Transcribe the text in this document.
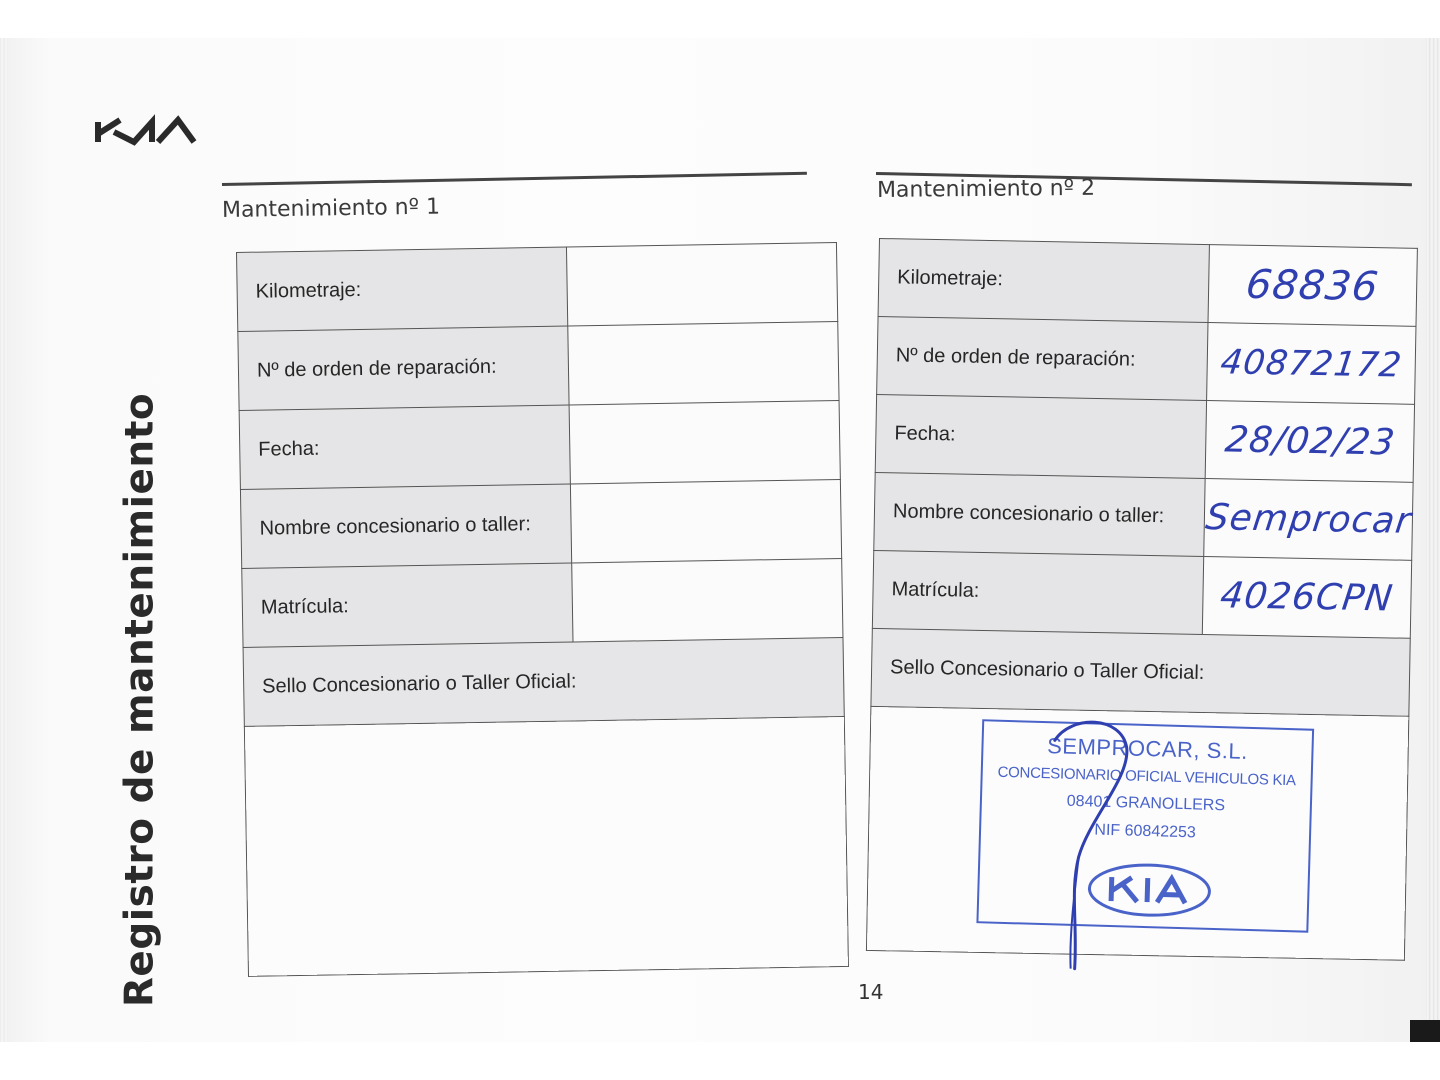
Registro de mantenimiento
Mantenimiento nº 1
Kilometraje:	
Nº de orden de reparación:	
Fecha:	
Nombre concesionario o taller:	
Matrícula:	
Sello Concesionario o Taller Oficial:	

Mantenimiento nº 2
Kilometraje:	68836
Nº de orden de reparación:	40872172
Fecha:	28/02/23
Nombre concesionario o taller:	Semprocar
Matrícula:	4026CPN
Sello Concesionario o Taller Oficial:	

SEMPROCAR, S.L.
CONCESIONARIO OFICIAL VEHICULOS KIA
08401 GRANOLLERS
NIF 60842253	
14
